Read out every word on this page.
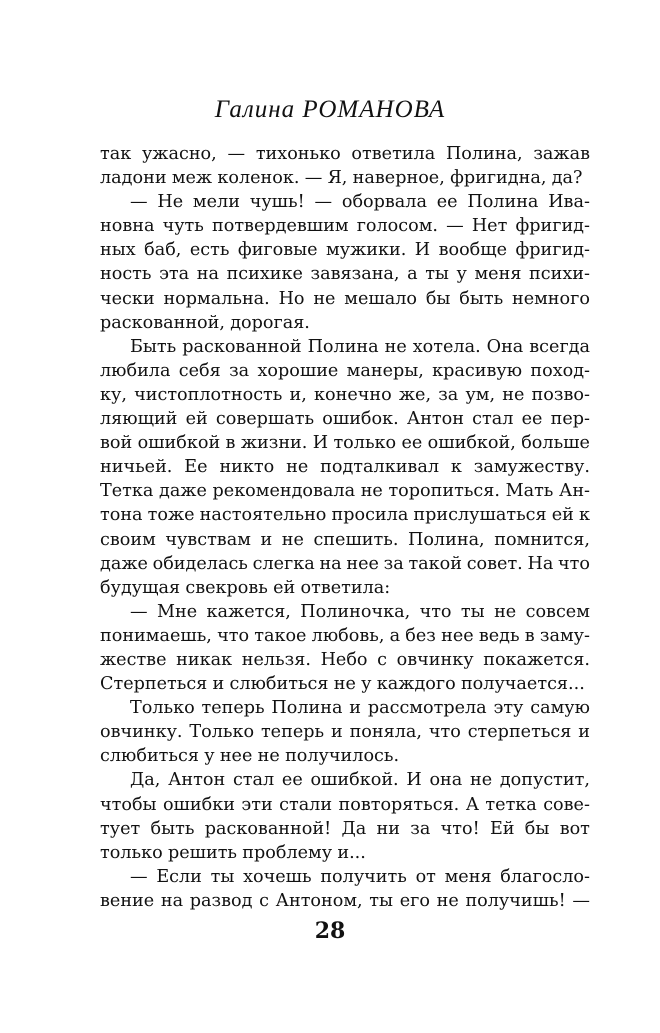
Галина РОМАНОВА
так ужасно, — тихонько ответила Полина, зажав
ладони меж коленок. — Я, наверное, фригидна, да?
— Не мели чушь! — оборвала ее Полина Ива-
новна чуть потвердевшим голосом. — Нет фригид-
ных баб, есть фиговые мужики. И вообще фригид-
ность эта на психике завязана, а ты у меня психи-
чески нормальна. Но не мешало бы быть немного
раскованной, дорогая.
Быть раскованной Полина не хотела. Она всегда
любила себя за хорошие манеры, красивую поход-
ку, чистоплотность и, конечно же, за ум, не позво-
ляющий ей совершать ошибок. Антон стал ее пер-
вой ошибкой в жизни. И только ее ошибкой, больше
ничьей. Ее никто не подталкивал к замужеству.
Тетка даже рекомендовала не торопиться. Мать Ан-
тона тоже настоятельно просила прислушаться ей к
своим чувствам и не спешить. Полина, помнится,
даже обиделась слегка на нее за такой совет. На что
будущая свекровь ей ответила:
— Мне кажется, Полиночка, что ты не совсем
понимаешь, что такое любовь, а без нее ведь в заму-
жестве никак нельзя. Небо с овчинку покажется.
Стерпеться и слюбиться не у каждого получается...
Только теперь Полина и рассмотрела эту самую
овчинку. Только теперь и поняла, что стерпеться и
слюбиться у нее не получилось.
Да, Антон стал ее ошибкой. И она не допустит,
чтобы ошибки эти стали повторяться. А тетка сове-
тует быть раскованной! Да ни за что! Ей бы вот
только решить проблему и...
— Если ты хочешь получить от меня благосло-
вение на развод с Антоном, ты его не получишь! —
28
